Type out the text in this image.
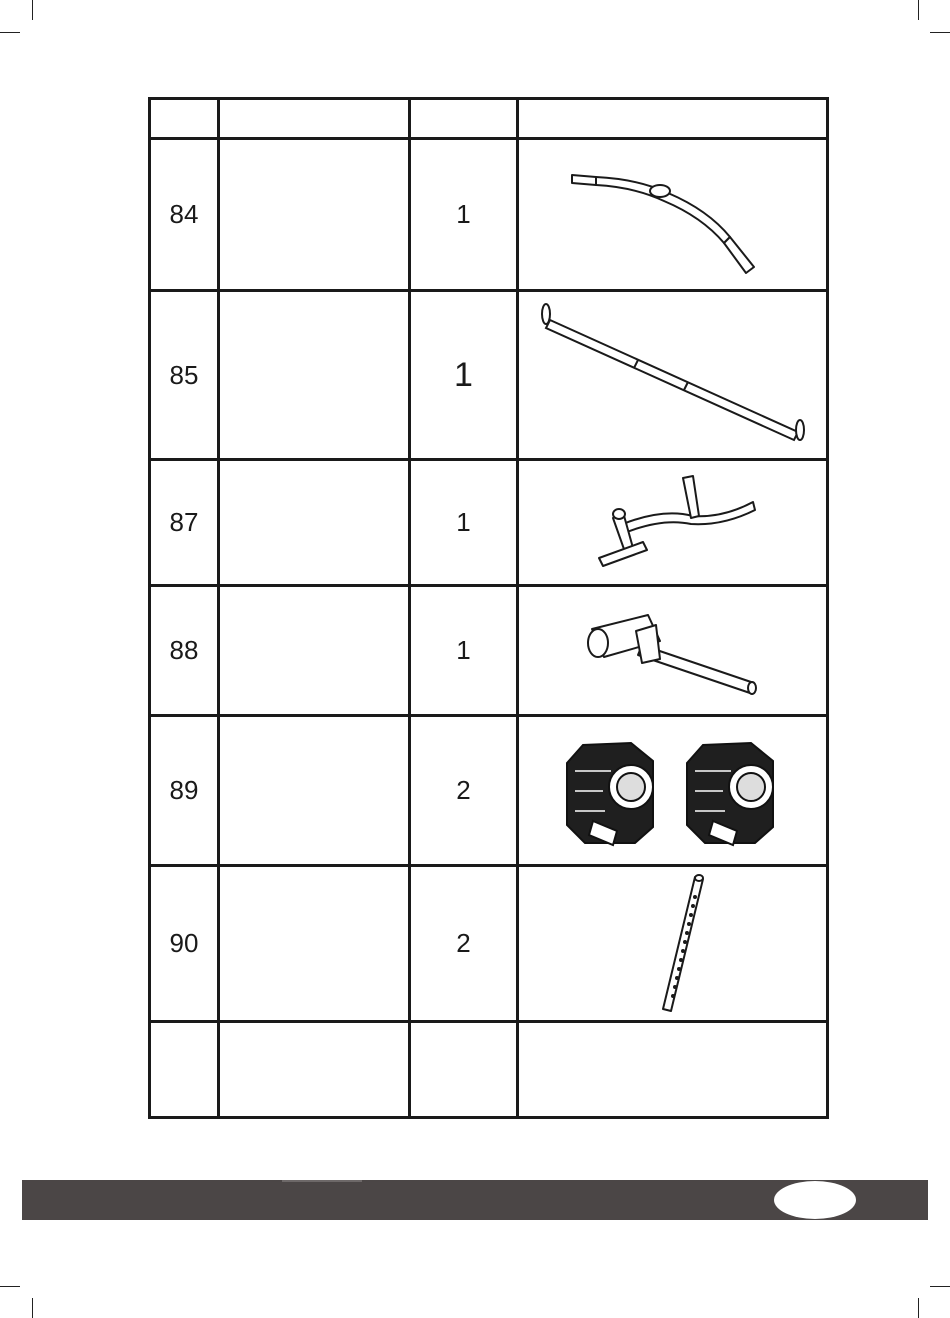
84		1	

85		1	

87		1	

88		1	

89		2	

90		2	
